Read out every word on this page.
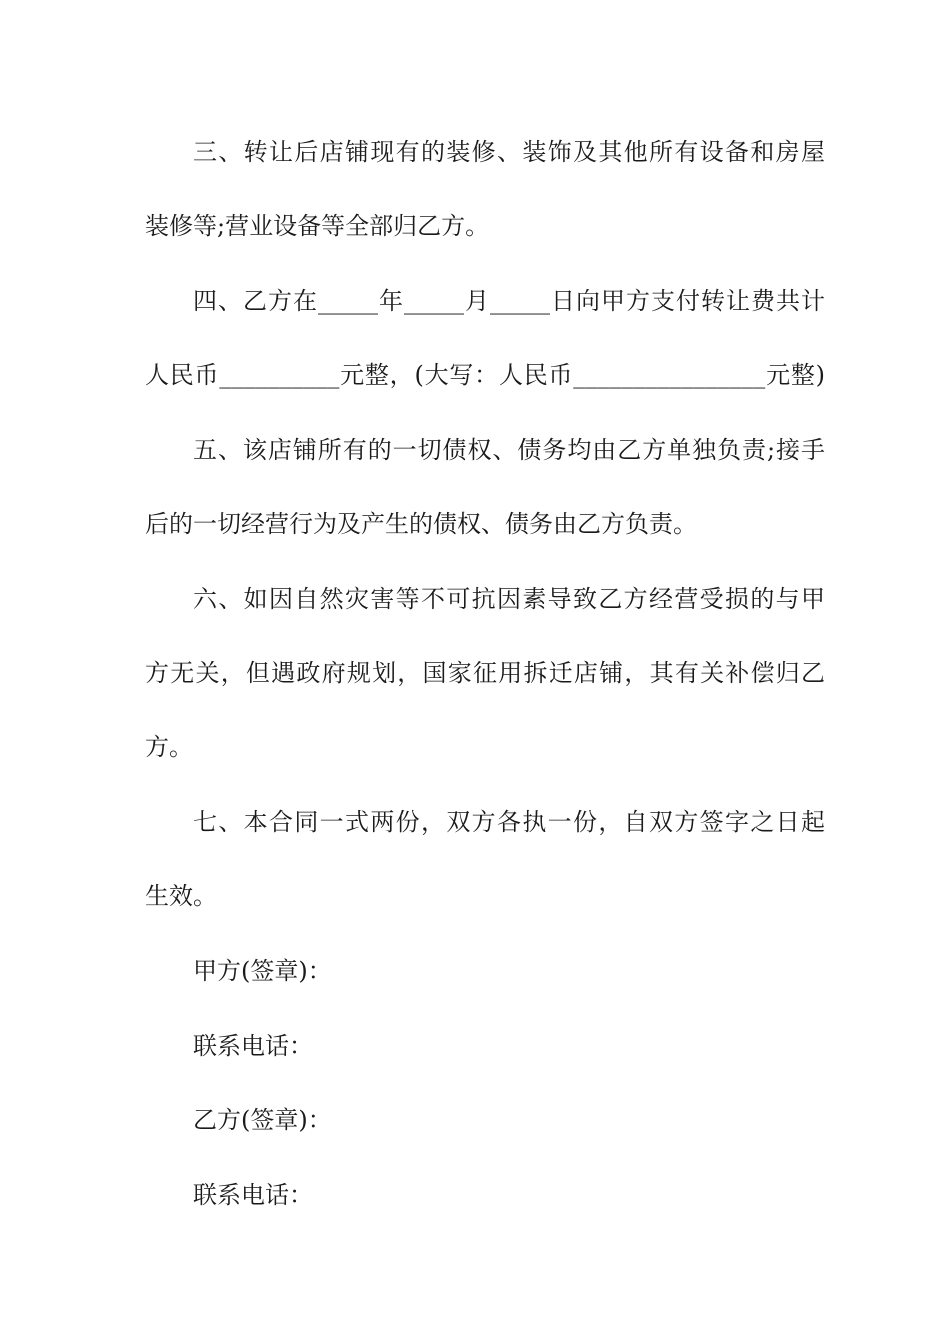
三、转让后店铺现有的装修、装饰及其他所有设备和房屋
装修等;营业设备等全部归乙方。
四、乙方在_____年_____月_____日向甲方支付转让费共计
人民币__________元整，(大写：人民币________________元整)
五、该店铺所有的一切债权、债务均由乙方单独负责;接手
后的一切经营行为及产生的债权、债务由乙方负责。
六、如因自然灾害等不可抗因素导致乙方经营受损的与甲
方无关，但遇政府规划，国家征用拆迁店铺，其有关补偿归乙
方。
七、本合同一式两份，双方各执一份，自双方签字之日起
生效。
甲方(签章)：
联系电话：
乙方(签章)：
联系电话：
